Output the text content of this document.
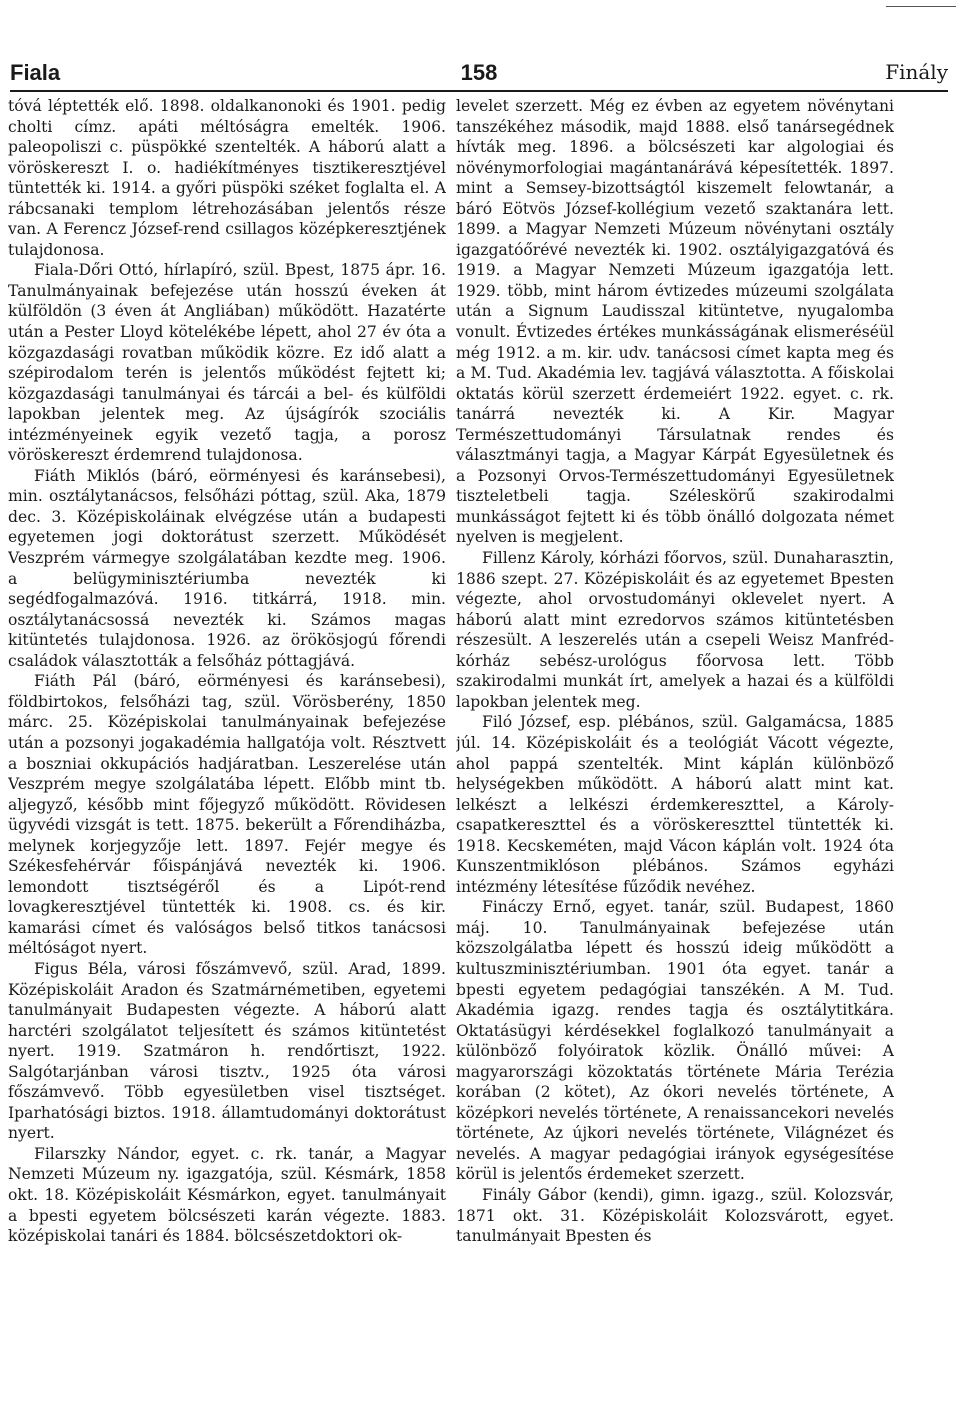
158
Fiala	Finály

tóvá léptették elő. 1898. oldalkanonoki és 1901. pedig cholti címz. apáti méltóságra emelték. 1906. paleopoliszi c. püspökké szentelték. A háború alatt a vöröskereszt I. o. hadiékítményes tisztikeresztjével tüntették ki. 1914. a győri püspöki széket foglalta el. A rábcsanaki templom létrehozásában jelentős része van. A Ferencz József-rend csillagos középkeresztjének tulajdonosa.

Fiala-Dőri Ottó, hírlapíró, szül. Bpest, 1875 ápr. 16. Tanulmányainak befejezése után hosszú éveken át külföldön (3 éven át Angliában) működött. Hazatérte után a Pester Lloyd kötelékébe lépett, ahol 27 év óta a közgazdasági rovatban működik közre. Ez idő alatt a szépirodalom terén is jelentős működést fejtett ki; közgazdasági tanulmányai és tárcái a bel- és külföldi lapokban jelentek meg. Az újságírók szociális intézményeinek egyik vezető tagja, a porosz vöröskereszt érdemrend tulajdonosa.

Fiáth Miklós (báró, eörményesi és karánsebesi), min. osztálytanácsos, felsőházi póttag, szül. Aka, 1879 dec. 3. Középiskoláinak elvégzése után a budapesti egyetemen jogi doktorátust szerzett. Működését Veszprém vármegye szolgálatában kezdte meg. 1906. a belügyminisztériumba nevezték ki segédfogalmazóvá. 1916. titkárrá, 1918. min. osztálytanácsossá nevezték ki. Számos magas kitüntetés tulajdonosa. 1926. az örökösjogú főrendi családok választották a felsőház póttagjává.

Fiáth Pál (báró, eörményesi és karánsebesi), földbirtokos, felsőházi tag, szül. Vörösberény, 1850 márc. 25. Középiskolai tanulmányainak befejezése után a pozsonyi jogakadémia hallgatója volt. Résztvett a boszniai okkupációs hadjáratban. Leszerelése után Veszprém megye szolgálatába lépett. Előbb mint tb. aljegyző, később mint főjegyző működött. Rövidesen ügyvédi vizsgát is tett. 1875. bekerült a Főrendiházba, melynek korjegyzője lett. 1897. Fejér megye és Székesfehérvár főispánjává nevezték ki. 1906. lemondott tisztségéről és a Lipót-rend lovagkeresztjével tüntették ki. 1908. cs. és kir. kamarási címet és valóságos belső titkos tanácsosi méltóságot nyert.

Figus Béla, városi főszámvevő, szül. Arad, 1899. Középiskoláit Aradon és Szatmárnémetiben, egyetemi tanulmányait Budapesten végezte. A háború alatt harctéri szolgálatot teljesített és számos kitüntetést nyert. 1919. Szatmáron h. rendőrtiszt, 1922. Salgótarjánban városi tisztv., 1925 óta városi főszámvevő. Több egyesületben visel tisztséget. Iparhatósági biztos. 1918. államtudományi doktorátust nyert.

Filarszky Nándor, egyet. c. rk. tanár, a Magyar Nemzeti Múzeum ny. igazgatója, szül. Késmárk, 1858 okt. 18. Középiskoláit Késmárkon, egyet. tanulmányait a bpesti egyetem bölcsészeti karán végezte. 1883. középiskolai tanári és 1884. bölcsészetdoktori ok-

levelet szerzett. Még ez évben az egyetem növénytani tanszékéhez második, majd 1888. első tanársegédnek hívták meg. 1896. a bölcsészeti kar algologiai és növénymorfologiai magántanárává képesítették. 1897. mint a Semsey-bizottságtól kiszemelt felowtanár, a báró Eötvös József-kollégium vezető szaktanára lett. 1899. a Magyar Nemzeti Múzeum növénytani osztály igazgatóőrévé nevezték ki. 1902. osztályigazgatóvá és 1919. a Magyar Nemzeti Múzeum igazgatója lett. 1929. több, mint három évtizedes múzeumi szolgálata után a Signum Laudisszal kitüntetve, nyugalomba vonult. Évtizedes értékes munkásságának elismeréséül még 1912. a m. kir. udv. tanácsosi címet kapta meg és a M. Tud. Akadémia lev. tagjává választotta. A főiskolai oktatás körül szerzett érdemeiért 1922. egyet. c. rk. tanárrá nevezték ki. A Kir. Magyar Természettudományi Társulatnak rendes és választmányi tagja, a Magyar Kárpát Egyesületnek és a Pozsonyi Orvos-Természettudományi Egyesületnek tiszteletbeli tagja. Széleskörű szakirodalmi munkásságot fejtett ki és több önálló dolgozata német nyelven is megjelent.

Fillenz Károly, kórházi főorvos, szül. Dunaharasztin, 1886 szept. 27. Középiskoláit és az egyetemet Bpesten végezte, ahol orvostudományi oklevelet nyert. A háború alatt mint ezredorvos számos kitüntetésben részesült. A leszerelés után a csepeli Weisz Manfréd-kórház sebész-urológus főorvosa lett. Több szakirodalmi munkát írt, amelyek a hazai és a külföldi lapokban jelentek meg.

Filó József, esp. plébános, szül. Galgamácsa, 1885 júl. 14. Középiskoláit és a teológiát Vácott végezte, ahol pappá szentelték. Mint káplán különböző helységekben működött. A háború alatt mint kat. lelkészt a lelkészi érdemkereszttel, a Károly-csapatkereszttel és a vöröskereszttel tüntették ki. 1918. Kecskeméten, majd Vácon káplán volt. 1924 óta Kunszentmiklóson plébános. Számos egyházi intézmény létesítése fűződik nevéhez.

Fináczy Ernő, egyet. tanár, szül. Budapest, 1860 máj. 10. Tanulmányainak befejezése után közszolgálatba lépett és hosszú ideig működött a kultuszminisztériumban. 1901 óta egyet. tanár a bpesti egyetem pedagógiai tanszékén. A M. Tud. Akadémia igazg. rendes tagja és osztálytitkára. Oktatásügyi kérdésekkel foglalkozó tanulmányait a különböző folyóiratok közlik. Önálló művei: A magyarországi közoktatás története Mária Terézia korában (2 kötet), Az ókori nevelés története, A középkori nevelés története, A renaissancekori nevelés története, Az újkori nevelés története, Világnézet és nevelés. A magyar pedagógiai irányok egységesítése körül is jelentős érdemeket szerzett.

Finály Gábor (kendi), gimn. igazg., szül. Kolozsvár, 1871 okt. 31. Középiskoláit Kolozsvárott, egyet. tanulmányait Bpesten és
